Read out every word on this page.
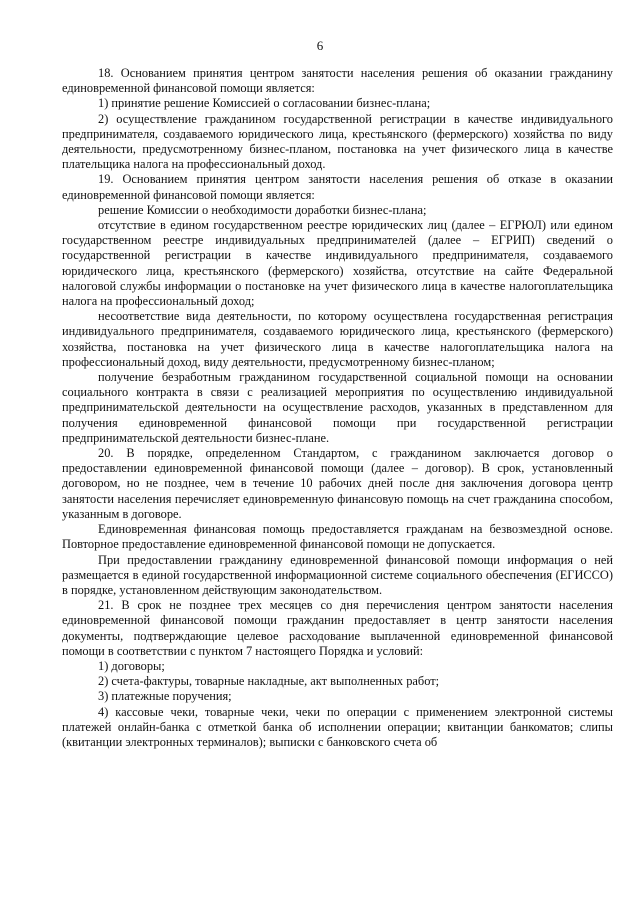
6

18. Основанием принятия центром занятости населения решения об оказании гражданину единовременной финансовой помощи является:

1) принятие решение Комиссией о согласовании бизнес-плана;

2) осуществление гражданином государственной регистрации в качестве индивидуального предпринимателя, создаваемого юридического лица, крестьянского (фермерского) хозяйства по виду деятельности, предусмотренному бизнес-планом, постановка на учет физического лица в качестве плательщика налога на профессиональный доход.

19. Основанием принятия центром занятости населения решения об отказе в оказании единовременной финансовой помощи является:

решение Комиссии о необходимости доработки бизнес-плана;

отсутствие в едином государственном реестре юридических лиц (далее – ЕГРЮЛ) или едином государственном реестре индивидуальных предпринимателей (далее – ЕГРИП) сведений о государственной регистрации в качестве индивидуального предпринимателя, создаваемого юридического лица, крестьянского (фермерского) хозяйства, отсутствие на сайте Федеральной налоговой службы информации о постановке на учет физического лица в качестве налогоплательщика налога на профессиональный доход;

несоответствие вида деятельности, по которому осуществлена государственная регистрация индивидуального предпринимателя, создаваемого юридического лица, крестьянского (фермерского) хозяйства, постановка на учет физического лица в качестве налогоплательщика налога на профессиональный доход, виду деятельности, предусмотренному бизнес-планом;

получение безработным гражданином государственной социальной помощи на основании социального контракта в связи с реализацией мероприятия по осуществлению индивидуальной предпринимательской деятельности на осуществление расходов, указанных в представленном для получения единовременной финансовой помощи при государственной регистрации предпринимательской деятельности бизнес-плане.

20. В порядке, определенном Стандартом, с гражданином заключается договор о предоставлении единовременной финансовой помощи (далее – договор). В срок, установленный договором, но не позднее, чем в течение 10 рабочих дней после дня заключения договора центр занятости населения перечисляет единовременную финансовую помощь на счет гражданина способом, указанным в договоре.

Единовременная финансовая помощь предоставляется гражданам на безвозмездной основе. Повторное предоставление единовременной финансовой помощи не допускается.

При предоставлении гражданину единовременной финансовой помощи информация о ней размещается в единой государственной информационной системе социального обеспечения (ЕГИССО) в порядке, установленном действующим законодательством.

21. В срок не позднее трех месяцев со дня перечисления центром занятости населения единовременной финансовой помощи гражданин предоставляет в центр занятости населения документы, подтверждающие целевое расходование выплаченной единовременной финансовой помощи в соответствии с пунктом 7 настоящего Порядка и условий:

1) договоры;

2) счета-фактуры, товарные накладные, акт выполненных работ;

3) платежные поручения;

4) кассовые чеки, товарные чеки, чеки по операции с применением электронной системы платежей онлайн-банка с отметкой банка об исполнении операции; квитанции банкоматов; слипы (квитанции электронных терминалов); выписки с банковского счета об
